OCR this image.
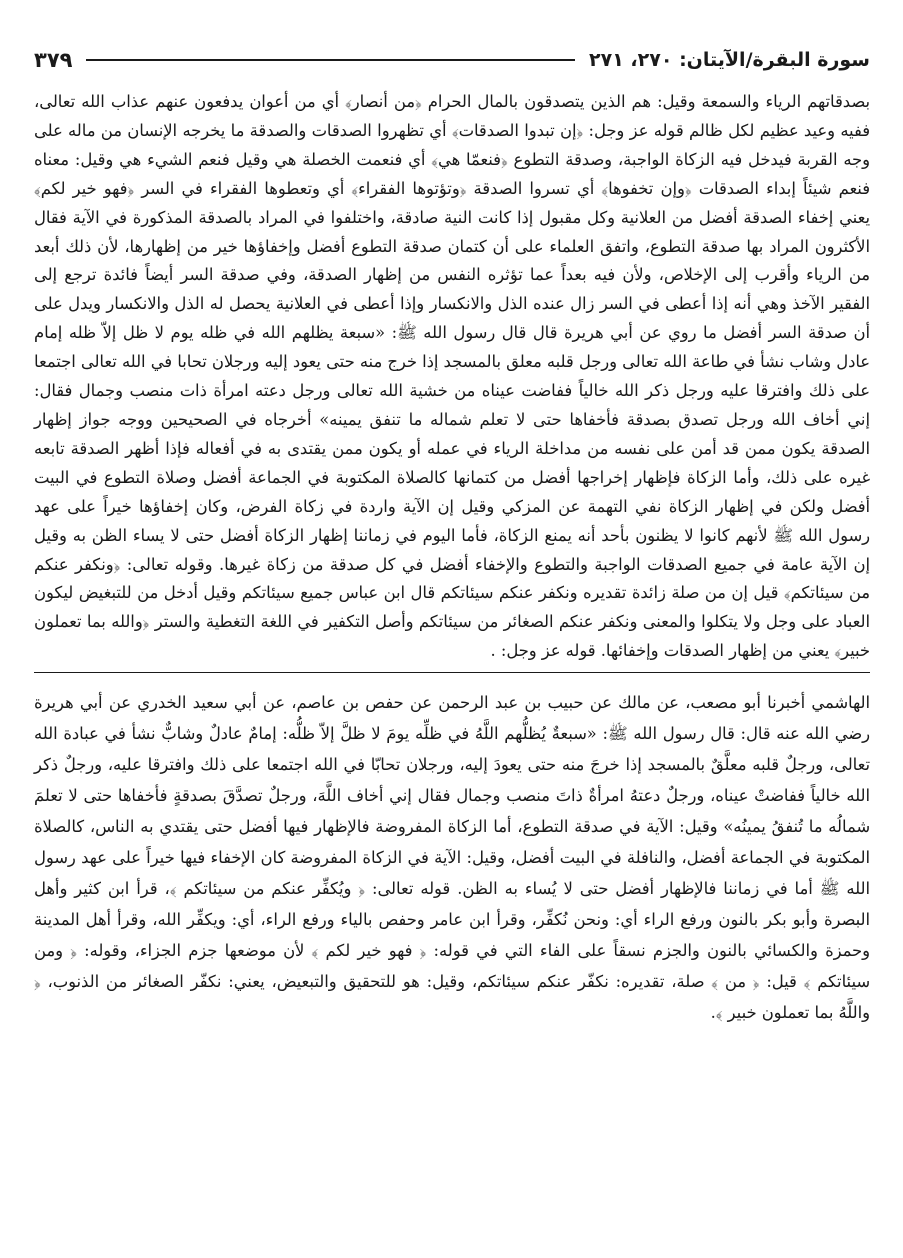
سورة البقرة/الآيتان: ٢٧٠، ٢٧١
٣٧٩
بصدقاتهم الرياء والسمعة وقيل: هم الذين يتصدقون بالمال الحرام ﴿من أنصار﴾ أي من أعوان يدفعون عنهم عذاب الله تعالى، ففيه وعيد عظيم لكل ظالم قوله عز وجل: ﴿إن تبدوا الصدقات﴾ أي تظهروا الصدقات والصدقة ما يخرجه الإنسان من ماله على وجه القربة فيدخل فيه الزكاة الواجبة، وصدقة التطوع ﴿فنعمّا هي﴾ أي فنعمت الخصلة هي وقيل فنعم الشيء هي وقيل: معناه فنعم شيئاً إبداء الصدقات ﴿وإن تخفوها﴾ أي تسروا الصدقة ﴿وتؤتوها الفقراء﴾ أي وتعطوها الفقراء في السر ﴿فهو خير لكم﴾ يعني إخفاء الصدقة أفضل من العلانية وكل مقبول إذا كانت النية صادقة، واختلفوا في المراد بالصدقة المذكورة في الآية فقال الأكثرون المراد بها صدقة التطوع، واتفق العلماء على أن كتمان صدقة التطوع أفضل وإخفاؤها خير من إظهارها، لأن ذلك أبعد من الرياء وأقرب إلى الإخلاص، ولأن فيه بعداً عما تؤثره النفس من إظهار الصدقة، وفي صدقة السر أيضاً فائدة ترجع إلى الفقير الآخذ وهي أنه إذا أعطى في السر زال عنده الذل والانكسار وإذا أعطى في العلانية يحصل له الذل والانكسار ويدل على أن صدقة السر أفضل ما روي عن أبي هريرة قال قال رسول الله ﷺ: «سبعة يظلهم الله في ظله يوم لا ظل إلاّ ظله إمام عادل وشاب نشأ في طاعة الله تعالى ورجل قلبه معلق بالمسجد إذا خرج منه حتى يعود إليه ورجلان تحابا في الله تعالى اجتمعا على ذلك وافترقا عليه ورجل ذكر الله خالياً ففاضت عيناه من خشية الله تعالى ورجل دعته امرأة ذات منصب وجمال فقال: إني أخاف الله ورجل تصدق بصدقة فأخفاها حتى لا تعلم شماله ما تنفق يمينه» أخرجاه في الصحيحين ووجه جواز إظهار الصدقة يكون ممن قد أمن على نفسه من مداخلة الرياء في عمله أو يكون ممن يقتدى به في أفعاله فإذا أظهر الصدقة تابعه غيره على ذلك، وأما الزكاة فإظهار إخراجها أفضل من كتمانها كالصلاة المكتوبة في الجماعة أفضل وصلاة التطوع في البيت أفضل ولكن في إظهار الزكاة نفي التهمة عن المزكي وقيل إن الآية واردة في زكاة الفرض، وكان إخفاؤها خيراً على عهد رسول الله ﷺ لأنهم كانوا لا يظنون بأحد أنه يمنع الزكاة، فأما اليوم في زماننا إظهار الزكاة أفضل حتى لا يساء الظن به وقيل إن الآية عامة في جميع الصدقات الواجبة والتطوع والإخفاء أفضل في كل صدقة من زكاة غيرها. وقوله تعالى: ﴿ونكفر عنكم من سيئاتكم﴾ قيل إن من صلة زائدة تقديره ونكفر عنكم سيئاتكم قال ابن عباس جميع سيئاتكم وقيل أدخل من للتبغيض ليكون العباد على وجل ولا يتكلوا والمعنى ونكفر عنكم الصغائر من سيئاتكم وأصل التكفير في اللغة التغطية والستر ﴿والله بما تعملون خبير﴾ يعني من إظهار الصدقات وإخفائها. قوله عز وجل: .
الهاشمي أخبرنا أبو مصعب، عن مالك عن حبيب بن عبد الرحمن عن حفص بن عاصم، عن أبي سعيد الخدري عن أبي هريرة رضي الله عنه قال: قال رسول الله ﷺ: «سبعةٌ يُظلُّهم اللَّهُ في ظلِّه يومَ لا ظلَّ إلاّ ظلُّه: إمامٌ عادلٌ وشابٌّ نشأ في عبادة الله تعالى، ورجلٌ قلبه معلَّقٌ بالمسجد إذا خرجَ منه حتى يعودَ إليه، ورجلان تحابّا في الله اجتمعا على ذلك وافترقا عليه، ورجلٌ ذكر الله خالياً ففاضتْ عيناه، ورجلٌ دعتهُ امرأةٌ ذاتَ منصب وجمال فقال إني أخاف اللَّهَ، ورجلٌ تصدَّقَ بصدقةٍ فأخفاها حتى لا تعلمَ شمالُه ما تُنفقُ يمينُه» وقيل: الآية في صدقة التطوع، أما الزكاة المفروضة فالإظهار فيها أفضل حتى يقتدي به الناس، كالصلاة المكتوبة في الجماعة أفضل، والنافلة في البيت أفضل، وقيل: الآية في الزكاة المفروضة كان الإخفاء فيها خيراً على عهد رسول الله ﷺ أما في زماننا فالإظهار أفضل حتى لا يُساء به الظن. قوله تعالى: ﴿ ويُكفِّر عنكم من سيئاتكم ﴾، قرأ ابن كثير وأهل البصرة وأبو بكر بالنون ورفع الراء أي: ونحن نُكفِّر، وقرأ ابن عامر وحفص بالياء ورفع الراء، أي: ويكفِّر الله، وقرأ أهل المدينة وحمزة والكسائي بالنون والجزم نسقاً على الفاء التي في قوله: ﴿ فهو خير لكم ﴾ لأن موضعها جزم الجزاء، وقوله: ﴿ ومن سيئاتكم ﴾ قيل: ﴿ من ﴾ صلة، تقديره: نكفّر عنكم سيئاتكم، وقيل: هو للتحقيق والتبعيض، يعني: نكفّر الصغائر من الذنوب، ﴿ واللَّهُ بما تعملون خبير ﴾.
